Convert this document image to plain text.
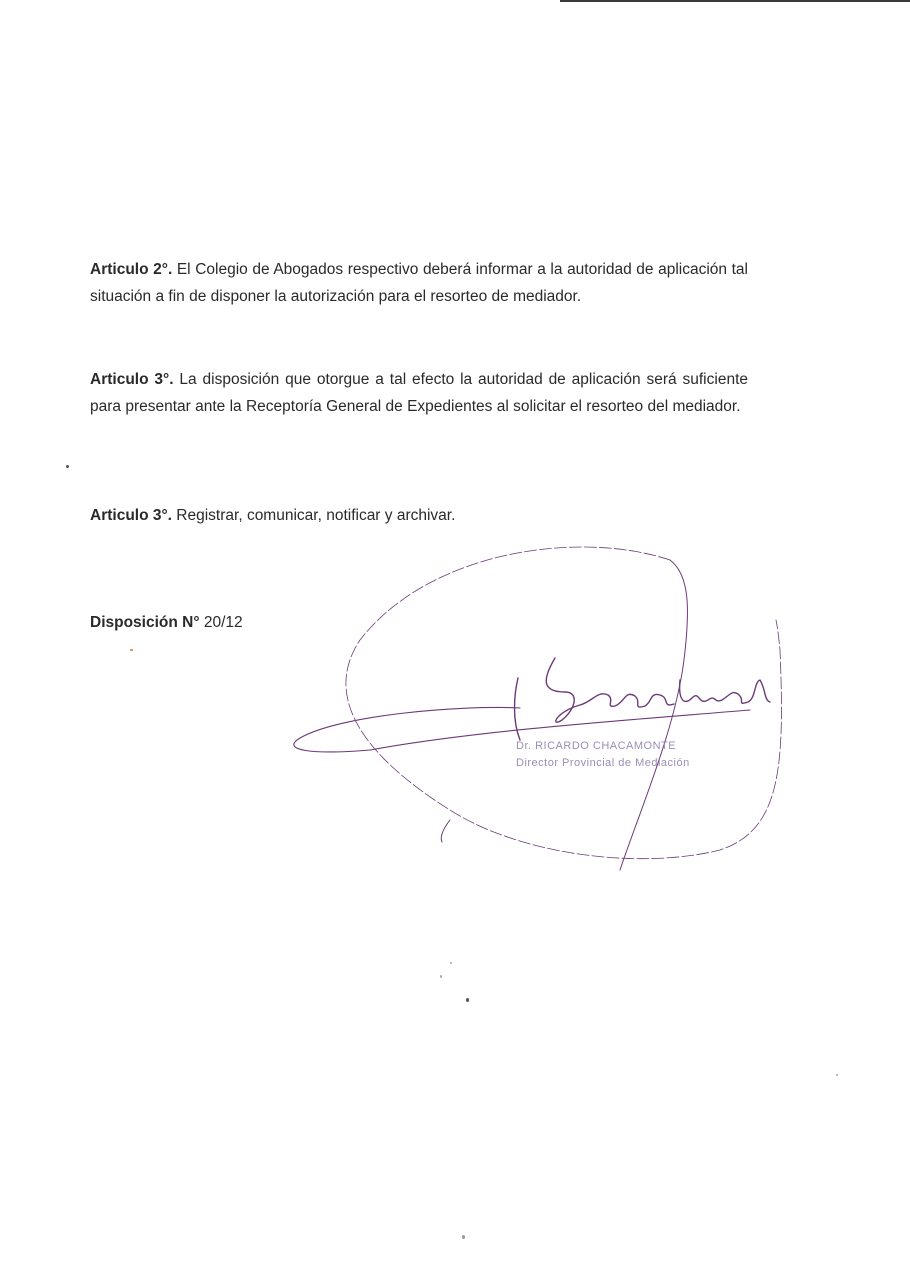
Articulo 2°. El Colegio de Abogados respectivo deberá informar a la autoridad de aplicación tal situación a fin de disponer la autorización para el resorteo de mediador.

Articulo 3°. La disposición que otorgue a tal efecto la autoridad de aplicación será suficiente para presentar ante la Receptoría General de Expedientes al solicitar el resorteo del mediador.

Articulo 3°. Registrar, comunicar, notificar y archivar.

Disposición N° 20/12

Dr. RICARDO CHACAMONTE
Director Provincial de Mediación
